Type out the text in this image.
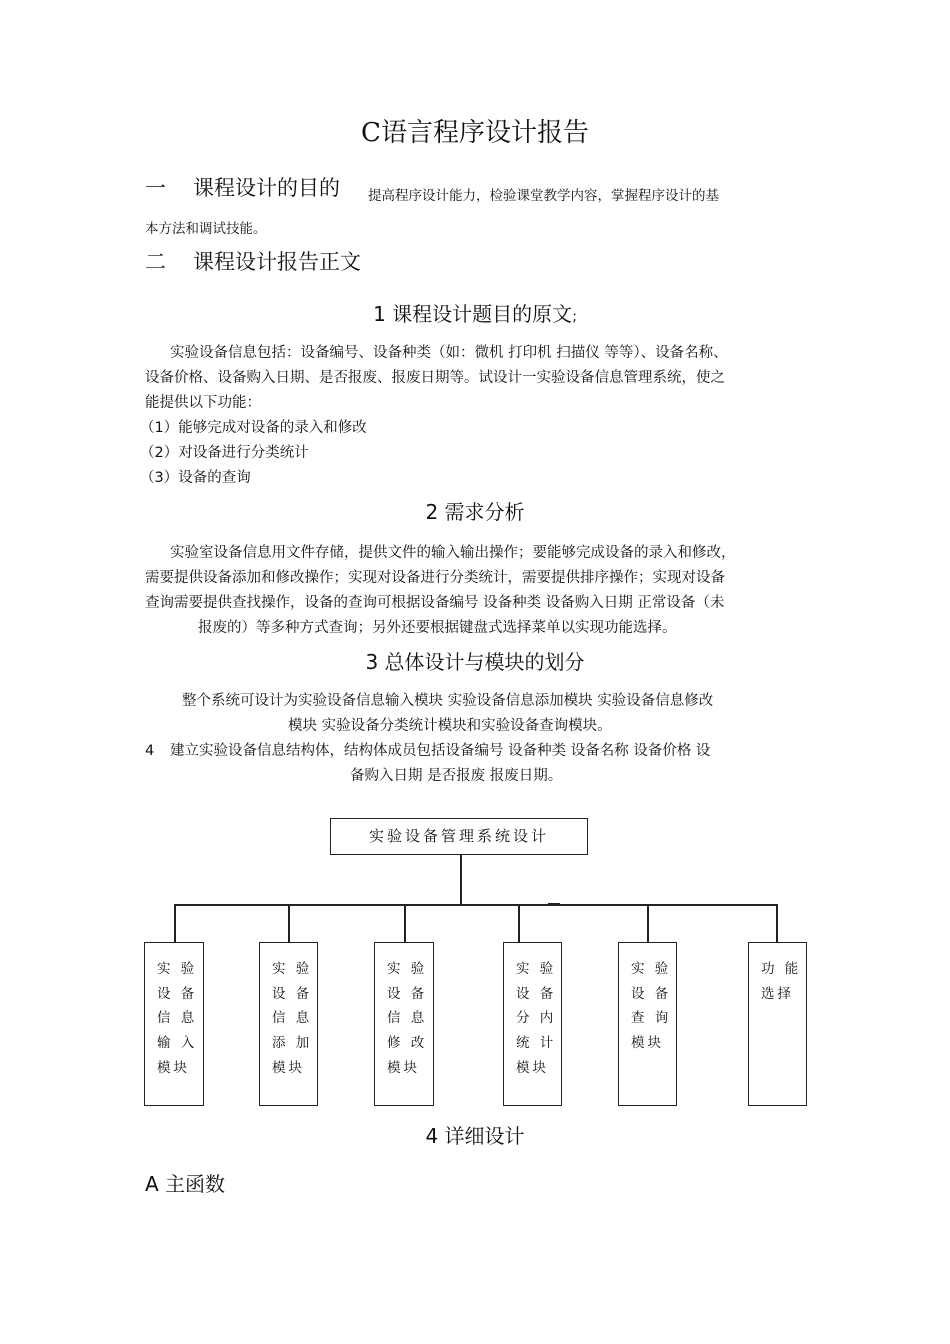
C语言程序设计报告
一 课程设计的目的 提高程序设计能力，检验课堂教学内容，掌握程序设计的基
本方法和调试技能。
二 课程设计报告正文
1 课程设计题目的原文;
实验设备信息包括：设备编号、设备种类（如：微机 打印机 扫描仪 等等）、设备名称、
设备价格、设备购入日期、是否报废、报废日期等。试设计一实验设备信息管理系统，使之
能提供以下功能：
（1）能够完成对设备的录入和修改
（2）对设备进行分类统计
（3）设备的查询
2 需求分析
实验室设备信息用文件存储，提供文件的输入输出操作；要能够完成设备的录入和修改，
需要提供设备添加和修改操作；实现对设备进行分类统计，需要提供排序操作；实现对设备
查询需要提供查找操作，设备的查询可根据设备编号 设备种类 设备购入日期 正常设备（未
报废的）等多种方式查询；另外还要根据键盘式选择菜单以实现功能选择。
3 总体设计与模块的划分
整个系统可设计为实验设备信息输入模块 实验设备信息添加模块 实验设备信息修改
模块 实验设备分类统计模块和实验设备查询模块。
4 建立实验设备信息结构体，结构体成员包括设备编号 设备种类 设备名称 设备价格 设
备购入日期 是否报废 报废日期。
实验设备管理系统设计
实 验
设 备
信 息
输 入
模块
实 验
设 备
信 息
添 加
模块
实 验
设 备
信 息
修 改
模块
实 验
设 备
分 内
统 计
模块
实 验
设 备
查 询
模块
功 能
选择
4 详细设计
A 主函数
